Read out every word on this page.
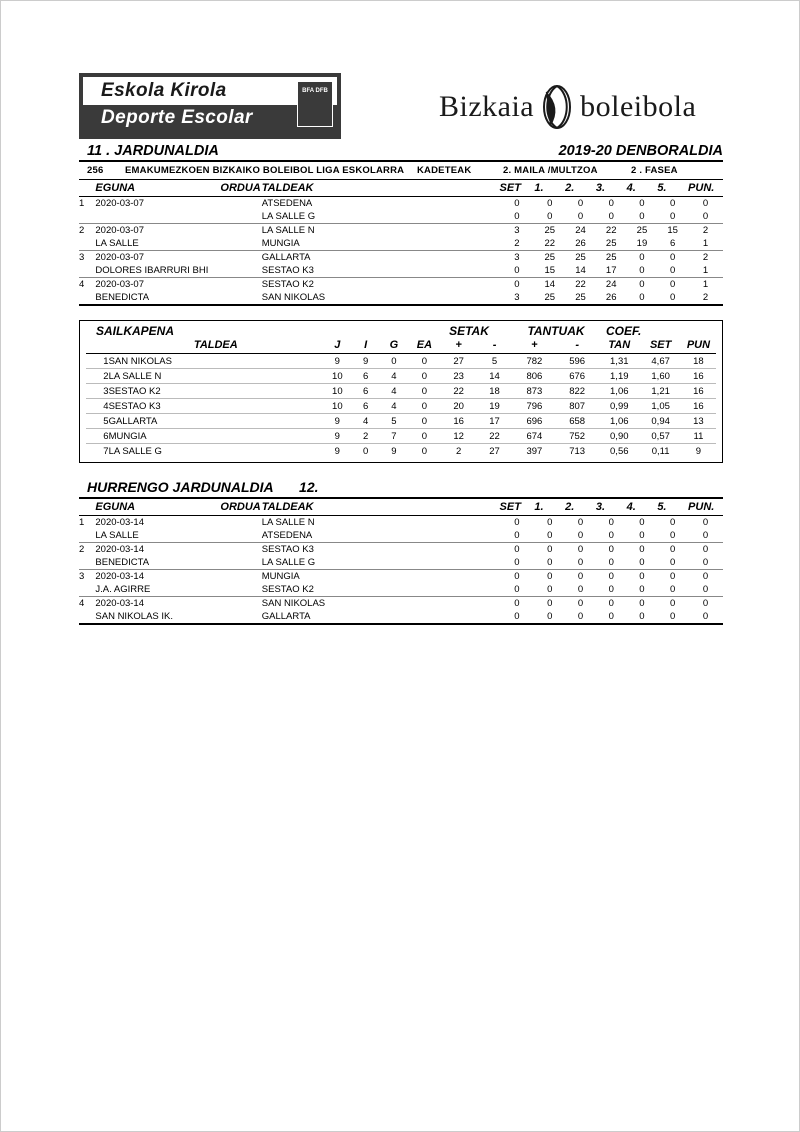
Eskola Kirola
Deporte Escolar
BFA DFB	Bizkaia boleibola
11 . JARDUNALDIA	2019-20 DENBORALDIA
256	EMAKUMEZKOEN BIZKAIKO BOLEIBOL LIGA ESKOLARRA	KADETEAK	2. MAILA /MULTZOA	2 . FASEA
	EGUNA	ORDUA	TALDEAK	SET	1.	2.	3.	4.	5.	PUN.
1	2020-03-07		ATSEDENA	0	0	0	0	0	0	0
			LA SALLE G	0	0	0	0	0	0	0
2	2020-03-07		LA SALLE N	3	25	24	22	25	15	2
	LA SALLE		MUNGIA	2	22	26	25	19	6	1
3	2020-03-07		GALLARTA	3	25	25	25	0	0	2
	DOLORES IBARRURI BHI		SESTAO K3	0	15	14	17	0	0	1
4	2020-03-07		SESTAO K2	0	14	22	24	0	0	1
	BENEDICTA		SAN NIKOLAS	3	25	25	26	0	0	2
SAILKAPENA	SETAK	TANTUAK	COEF.
	TALDEA	J	I	G	EA	+	-	+	-	TAN	SET	PUN
1	SAN NIKOLAS	9	9	0	0	27	5	782	596	1,31	4,67	18
2	LA SALLE N	10	6	4	0	23	14	806	676	1,19	1,60	16
3	SESTAO K2	10	6	4	0	22	18	873	822	1,06	1,21	16
4	SESTAO K3	10	6	4	0	20	19	796	807	0,99	1,05	16
5	GALLARTA	9	4	5	0	16	17	696	658	1,06	0,94	13
6	MUNGIA	9	2	7	0	12	22	674	752	0,90	0,57	11
7	LA SALLE G	9	0	9	0	2	27	397	713	0,56	0,11	9
HURRENGO JARDUNALDIA 12.
	EGUNA	ORDUA	TALDEAK	SET	1.	2.	3.	4.	5.	PUN.
1	2020-03-14		LA SALLE N	0	0	0	0	0	0	0
	LA SALLE		ATSEDENA	0	0	0	0	0	0	0
2	2020-03-14		SESTAO K3	0	0	0	0	0	0	0
	BENEDICTA		LA SALLE G	0	0	0	0	0	0	0
3	2020-03-14		MUNGIA	0	0	0	0	0	0	0
	J.A. AGIRRE		SESTAO K2	0	0	0	0	0	0	0
4	2020-03-14		SAN NIKOLAS	0	0	0	0	0	0	0
	SAN NIKOLAS IK.		GALLARTA	0	0	0	0	0	0	0
